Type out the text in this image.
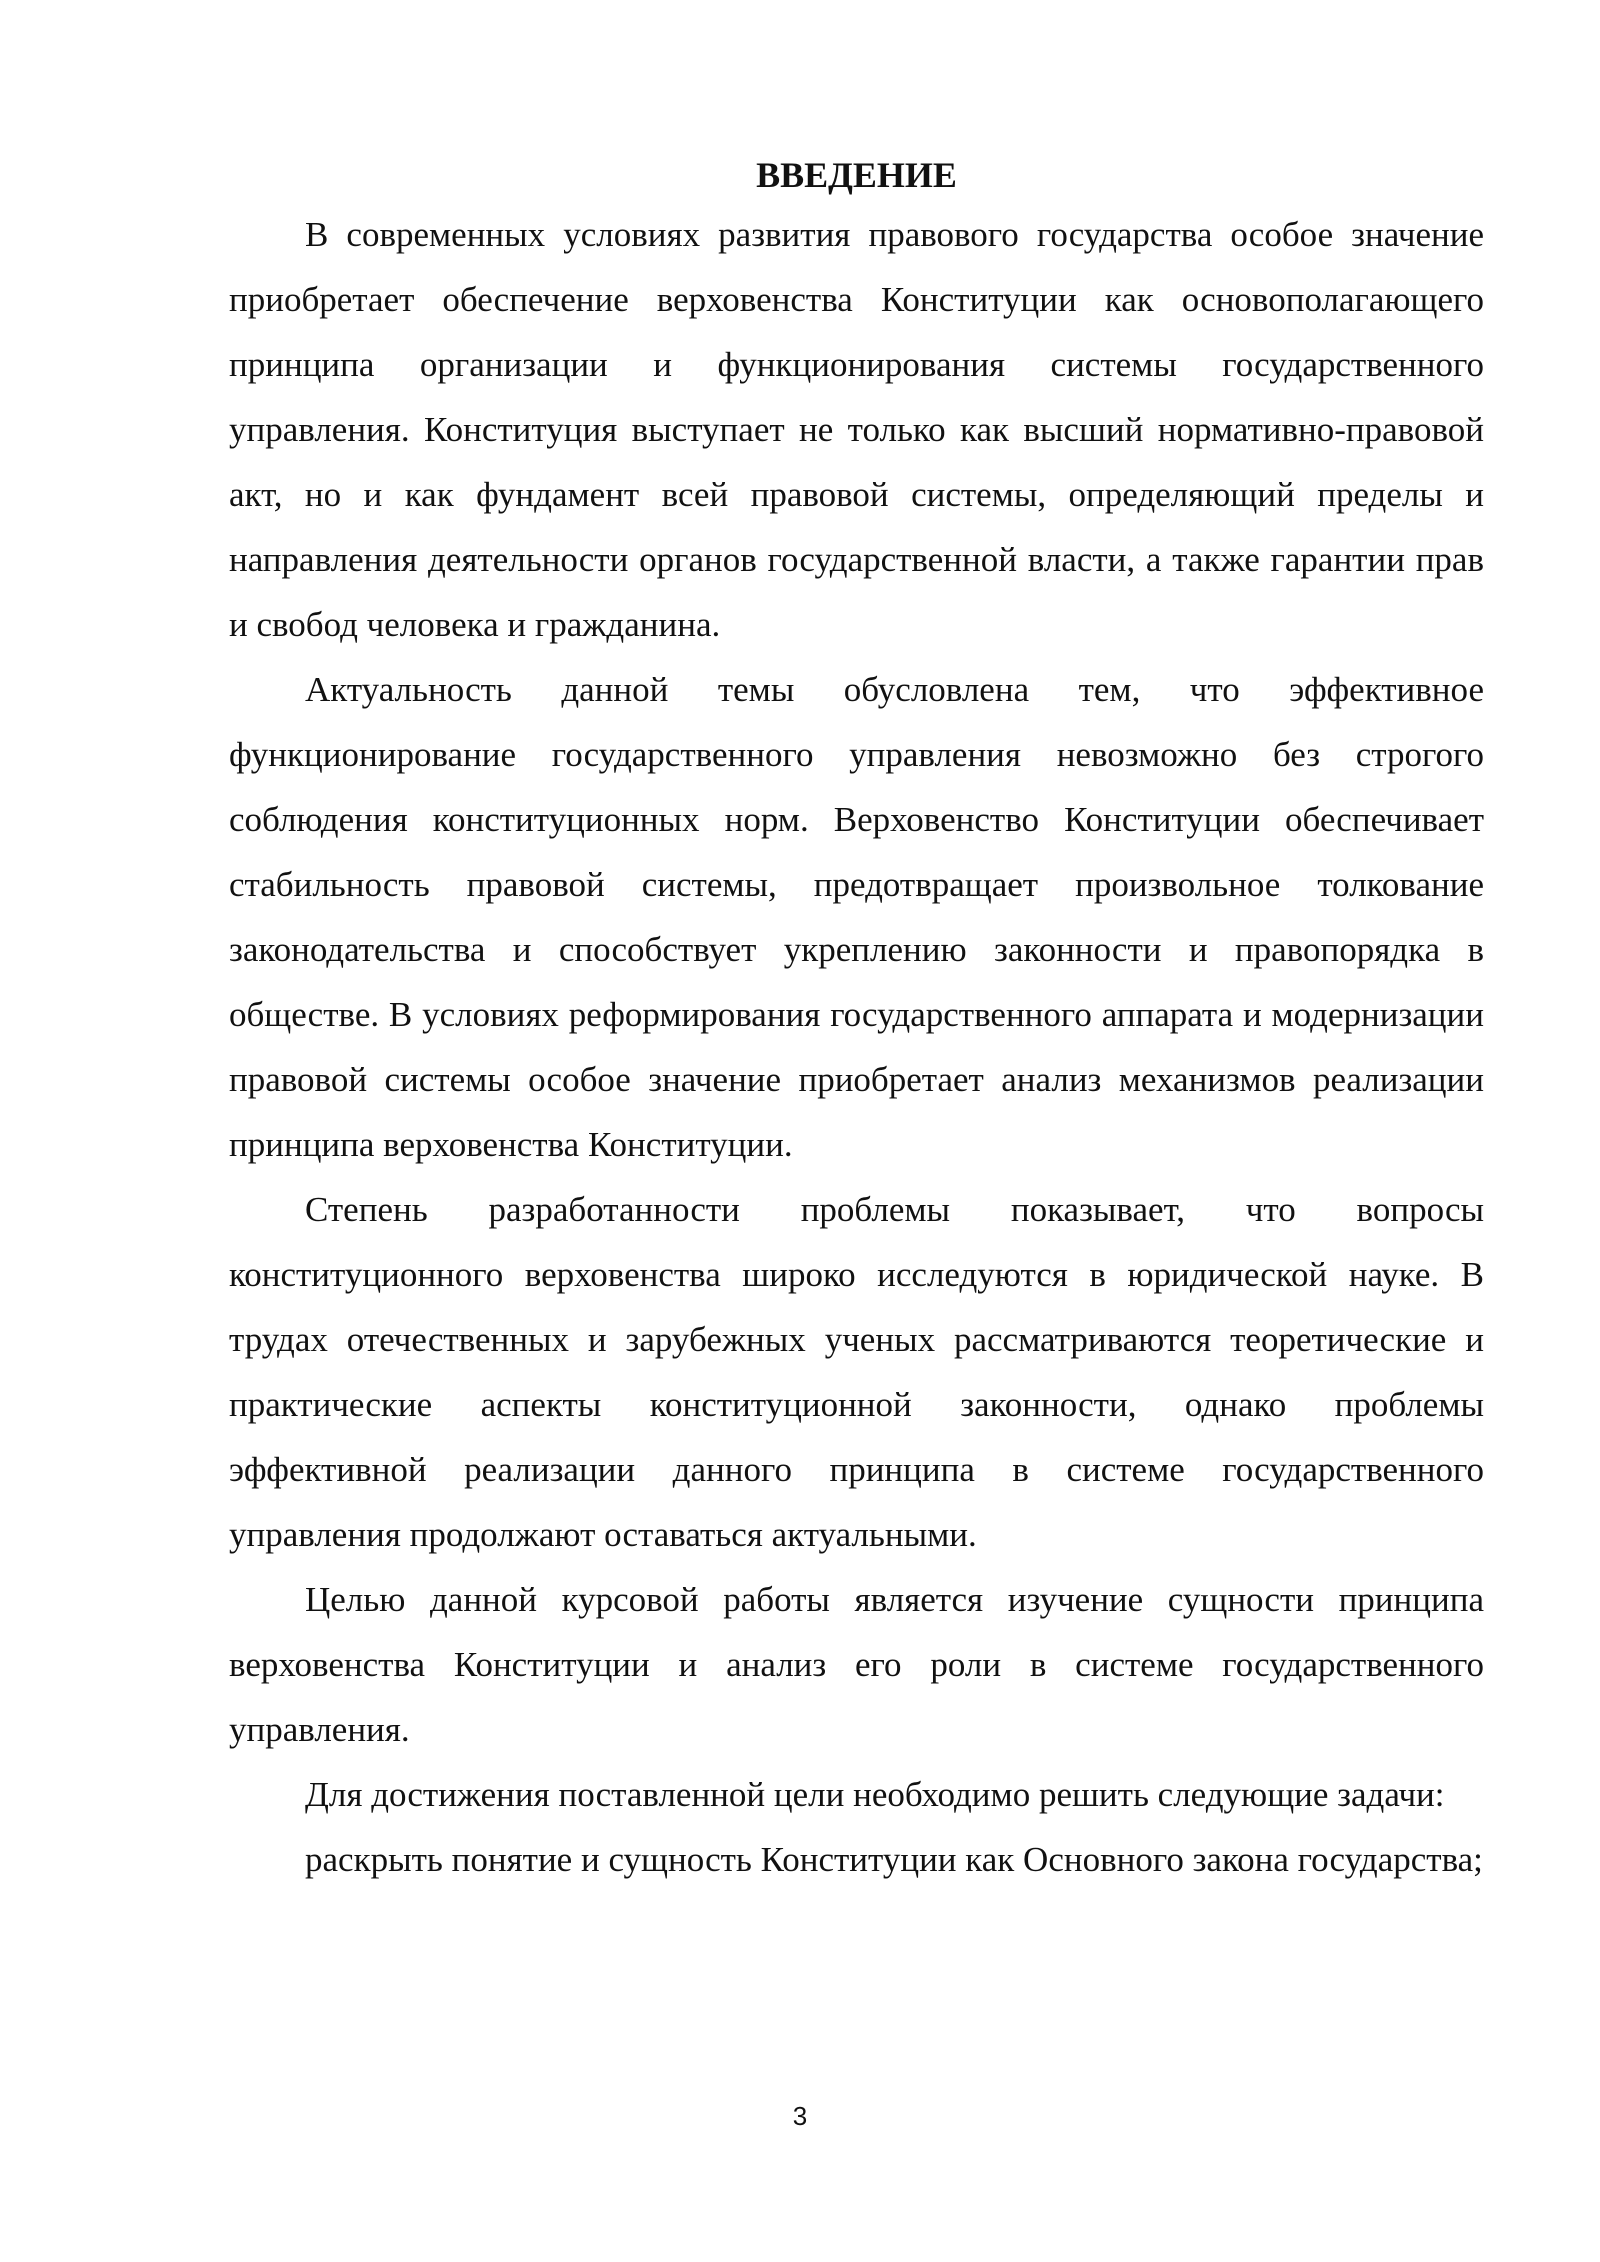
ВВЕДЕНИЕ

В современных условиях развития правового государства особое значение приобретает обеспечение верховенства Конституции как основополагающего принципа организации и функционирования системы государственного управления. Конституция выступает не только как высший нормативно-правовой акт, но и как фундамент всей правовой системы, определяющий пределы и направления деятельности органов государственной власти, а также гарантии прав и свобод человека и гражданина.

Актуальность данной темы обусловлена тем, что эффективное функционирование государственного управления невозможно без строгого соблюдения конституционных норм. Верховенство Конституции обеспечивает стабильность правовой системы, предотвращает произвольное толкование законодательства и способствует укреплению законности и правопорядка в обществе. В условиях реформирования государственного аппарата и модернизации правовой системы особое значение приобретает анализ механизмов реализации принципа верховенства Конституции.

Степень разработанности проблемы показывает, что вопросы конституционного верховенства широко исследуются в юридической науке. В трудах отечественных и зарубежных ученых рассматриваются теоретические и практические аспекты конституционной законности, однако проблемы эффективной реализации данного принципа в системе государственного управления продолжают оставаться актуальными.

Целью данной курсовой работы является изучение сущности принципа верховенства Конституции и анализ его роли в системе государственного управления.

Для достижения поставленной цели необходимо решить следующие задачи:

раскрыть понятие и сущность Конституции как Основного закона государства;

3
